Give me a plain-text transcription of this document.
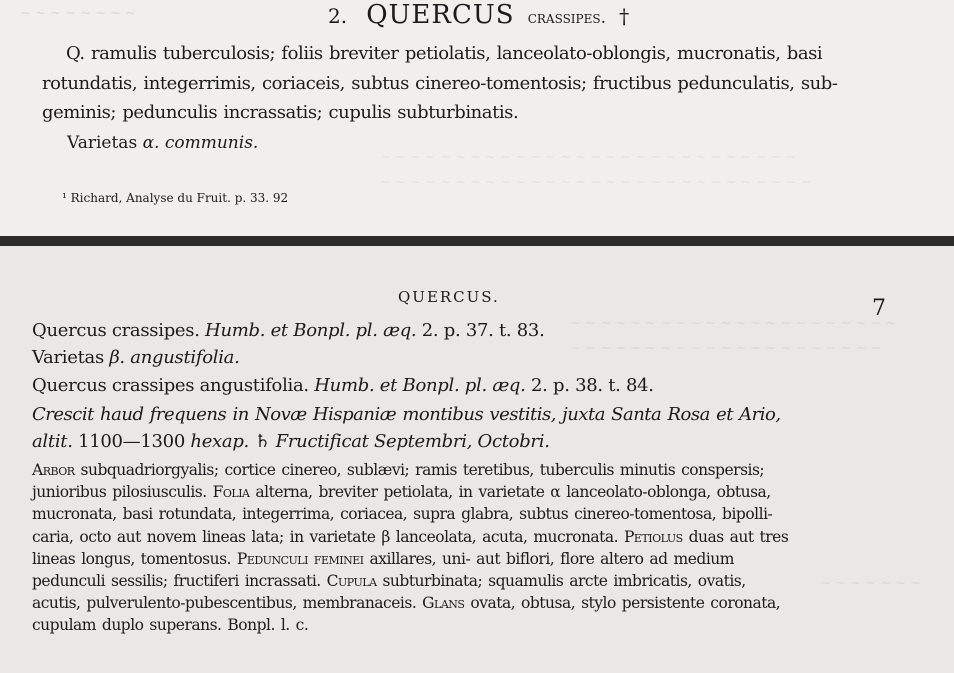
~ ~ ~ ~ ~ ~ ~ ~
~ ~ ~ ~ ~ ~ ~ ~ ~ ~ ~ ~ ~ ~ ~ ~ ~ ~ ~ ~ ~ ~ ~ ~ ~ ~ ~ ~
~ ~ ~ ~ ~ ~ ~ ~ ~ ~ ~ ~ ~ ~ ~ ~ ~ ~ ~ ~ ~ ~ ~ ~ ~ ~ ~ ~ ~
2. QUERCUS crassipes. †
Q. ramulis tuberculosis; foliis breviter petiolatis, lanceolato-oblongis, mucronatis, basi
rotundatis, integerrimis, coriaceis, subtus cinereo-tomentosis; fructibus pedunculatis, sub-
geminis; pedunculis incrassatis; cupulis subturbinatis.
Varietas α. communis.
¹ Richard, Analyse du Fruit. p. 33. 92
~ ~ ~ ~ ~ ~ ~ ~ ~ ~ ~ ~ ~ ~ ~ ~ ~ ~ ~ ~ ~ ~
~ ~ ~ ~ ~ ~ ~ ~ ~ ~ ~ ~ ~ ~ ~ ~ ~ ~ ~ ~ ~
~ ~ ~ ~ ~ ~ ~
QUERCUS.	7
Quercus crassipes. Humb. et Bonpl. pl. æq. 2. p. 37. t. 83.
Varietas β. angustifolia.
Quercus crassipes angustifolia. Humb. et Bonpl. pl. æq. 2. p. 38. t. 84.
Crescit haud frequens in Novæ Hispaniæ montibus vestitis, juxta Santa Rosa et Ario,
altit. 1100—1300 hexap. ♄ Fructificat Septembri, Octobri.
Arbor subquadriorgyalis; cortice cinereo, sublævi; ramis teretibus, tuberculis minutis conspersis;
junioribus pilosiusculis. Folia alterna, breviter petiolata, in varietate α lanceolato-oblonga, obtusa,
mucronata, basi rotundata, integerrima, coriacea, supra glabra, subtus cinereo-tomentosa, bipolli-
caria, octo aut novem lineas lata; in varietate β lanceolata, acuta, mucronata. Petiolus duas aut tres
lineas longus, tomentosus. Pedunculi feminei axillares, uni- aut biflori, flore altero ad medium
pedunculi sessilis; fructiferi incrassati. Cupula subturbinata; squamulis arcte imbricatis, ovatis,
acutis, pulverulento-pubescentibus, membranaceis. Glans ovata, obtusa, stylo persistente coronata,
cupulam duplo superans. Bonpl. l. c.
